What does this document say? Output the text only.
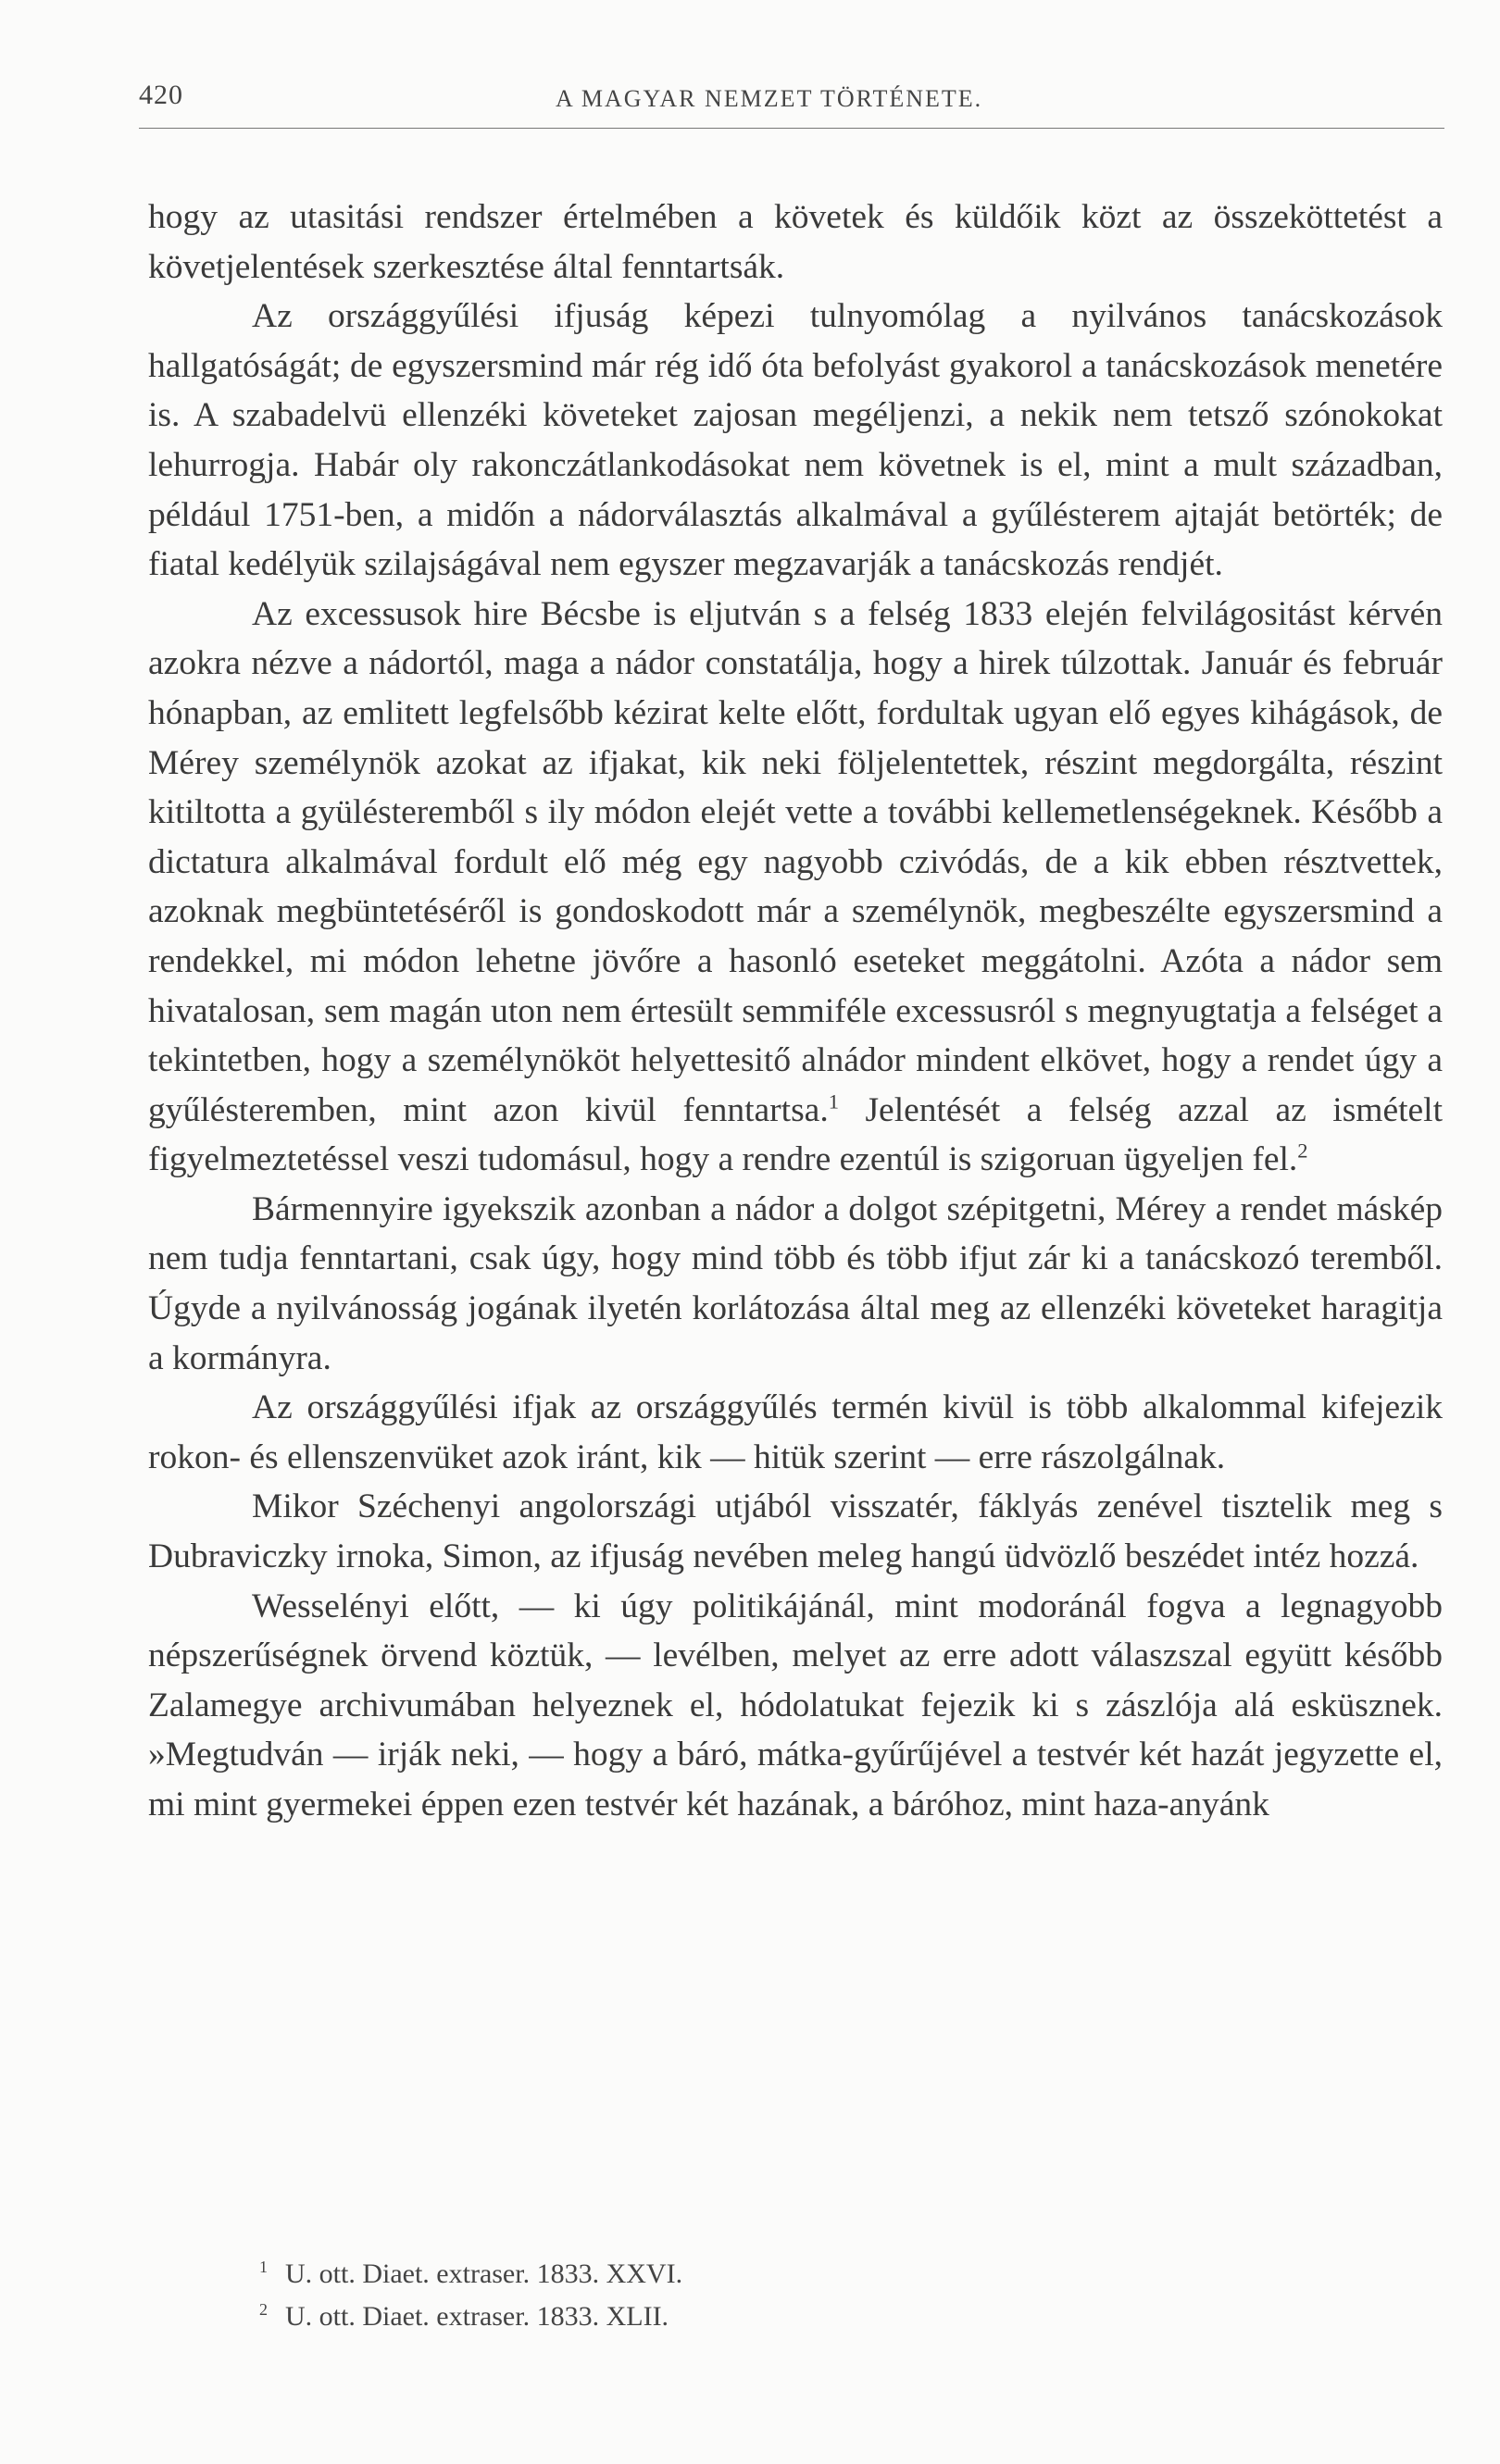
420	A MAGYAR NEMZET TÖRTÉNETE.

hogy az utasitási rendszer értelmében a követek és küldőik közt az összeköttetést a követjelentések szerkesztése által fenntartsák.

Az országgyűlési ifjuság képezi tulnyomólag a nyilvános tanácskozások hallgatóságát; de egyszersmind már rég idő óta befolyást gyakorol a tanácskozások menetére is. A szabadelvü ellenzéki követeket zajosan megéljenzi, a nekik nem tetsző szónokokat lehurrogja. Habár oly rakonczátlankodásokat nem követnek is el, mint a mult században, például 1751-ben, a midőn a nádorválasztás alkalmával a gyűlésterem ajtaját betörték; de fiatal kedélyük szilajságával nem egyszer megzavarják a tanácskozás rendjét.

Az excessusok hire Bécsbe is eljutván s a felség 1833 elején felvilágositást kérvén azokra nézve a nádortól, maga a nádor constatálja, hogy a hirek túlzottak. Január és február hónapban, az emlitett legfelsőbb kézirat kelte előtt, fordultak ugyan elő egyes kihágások, de Mérey személynök azokat az ifjakat, kik neki följelentettek, részint megdorgálta, részint kitiltotta a gyülésteremből s ily módon elejét vette a további kellemetlenségeknek. Később a dictatura alkalmával fordult elő még egy nagyobb czivódás, de a kik ebben résztvettek, azoknak megbüntetéséről is gondoskodott már a személynök, megbeszélte egyszersmind a rendekkel, mi módon lehetne jövőre a hasonló eseteket meggátolni. Azóta a nádor sem hivatalosan, sem magán uton nem értesült semmiféle excessusról s megnyugtatja a felséget a tekintetben, hogy a személynököt helyettesitő alnádor mindent elkövet, hogy a rendet úgy a gyűlésteremben, mint azon kivül fenntartsa.$^1$ Jelentését a felség azzal az ismételt figyelmeztetéssel veszi tudomásul, hogy a rendre ezentúl is szigoruan ügyeljen fel.$^2$

Bármennyire igyekszik azonban a nádor a dolgot szépitgetni, Mérey a rendet máskép nem tudja fenntartani, csak úgy, hogy mind több és több ifjut zár ki a tanácskozó teremből. Úgyde a nyilvánosság jogának ilyetén korlátozása által meg az ellenzéki követeket haragitja a kormányra.

Az országgyűlési ifjak az országgyűlés termén kivül is több alkalommal kifejezik rokon- és ellenszenvüket azok iránt, kik — hitük szerint — erre rászolgálnak.

Mikor Széchenyi angolországi utjából visszatér, fáklyás zenével tisztelik meg s Dubraviczky irnoka, Simon, az ifjuság nevében meleg hangú üdvözlő beszédet intéz hozzá.

Wesselényi előtt, — ki úgy politikájánál, mint modoránál fogva a legnagyobb népszerűségnek örvend köztük, — levélben, melyet az erre adott válaszszal együtt később Zalamegye archivumában helyeznek el, hódolatukat fejezik ki s zászlója alá esküsznek. »Megtudván — irják neki, — hogy a báró, mátka-gyűrűjével a testvér két hazát jegyzette el, mi mint gyermekei éppen ezen testvér két hazának, a báróhoz, mint haza-anyánk

1 U. ott. Diaet. extraser. 1833. XXVI.
2 U. ott. Diaet. extraser. 1833. XLII.
